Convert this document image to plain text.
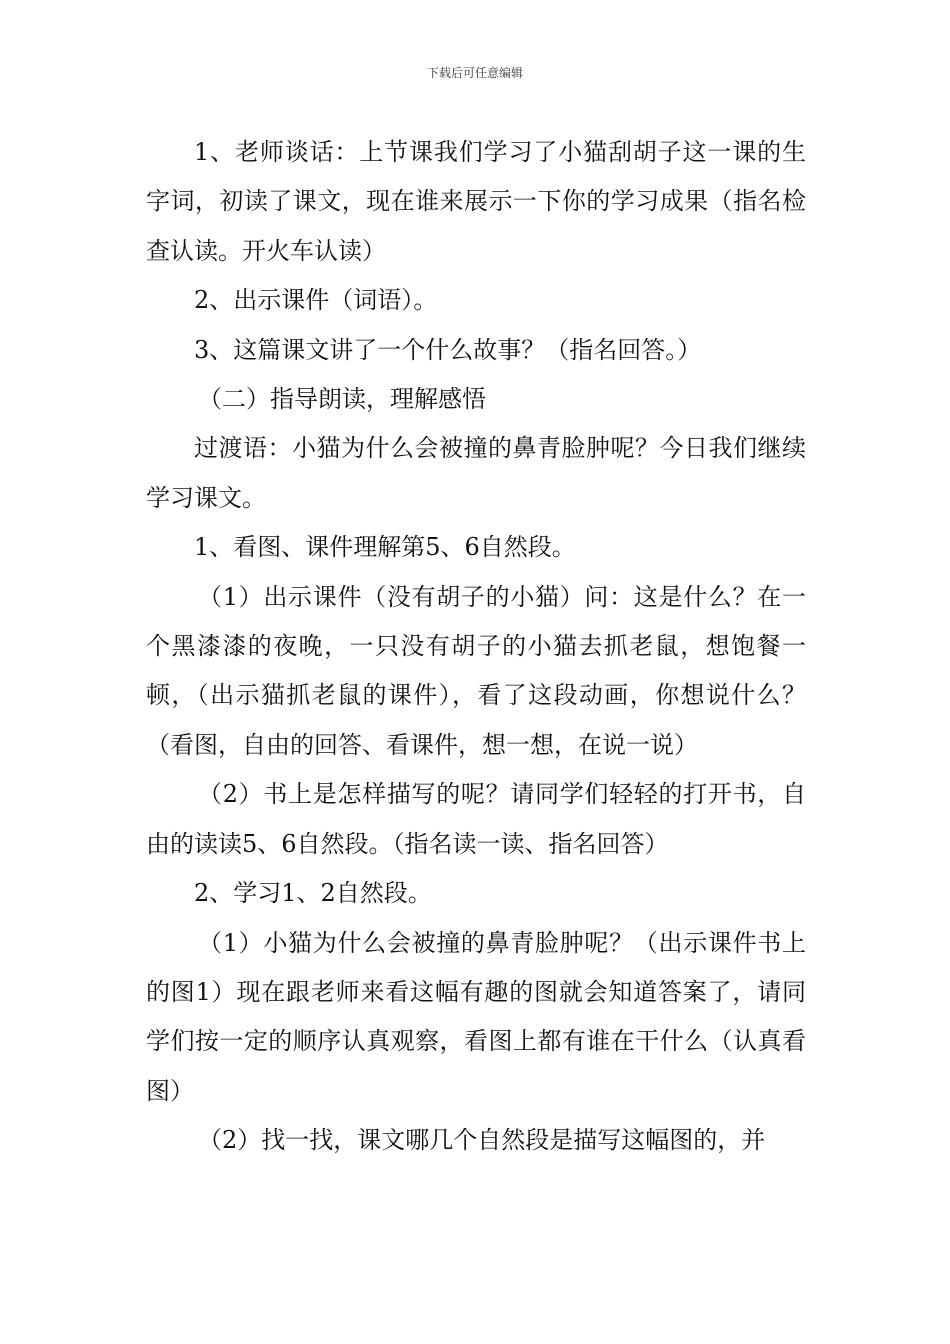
下载后可任意编辑

1、老师谈话：上节课我们学习了小猫刮胡子这一课的生字词，初读了课文，现在谁来展示一下你的学习成果（指名检查认读。开火车认读）

2、出示课件（词语）。

3、这篇课文讲了一个什么故事？（指名回答。）

（二）指导朗读，理解感悟

过渡语：小猫为什么会被撞的鼻青脸肿呢？今日我们继续学习课文。

1、看图、课件理解第5、6自然段。

（1）出示课件（没有胡子的小猫）问：这是什么？在一个黑漆漆的夜晚，一只没有胡子的小猫去抓老鼠，想饱餐一顿，（出示猫抓老鼠的课件），看了这段动画，你想说什么？（看图，自由的回答、看课件，想一想，在说一说）

（2）书上是怎样描写的呢？请同学们轻轻的打开书，自由的读读5、6自然段。（指名读一读、指名回答）

2、学习1、2自然段。

（1）小猫为什么会被撞的鼻青脸肿呢？（出示课件书上的图1）现在跟老师来看这幅有趣的图就会知道答案了，请同学们按一定的顺序认真观察，看图上都有谁在干什么（认真看图）

（2）找一找，课文哪几个自然段是描写这幅图的，并
